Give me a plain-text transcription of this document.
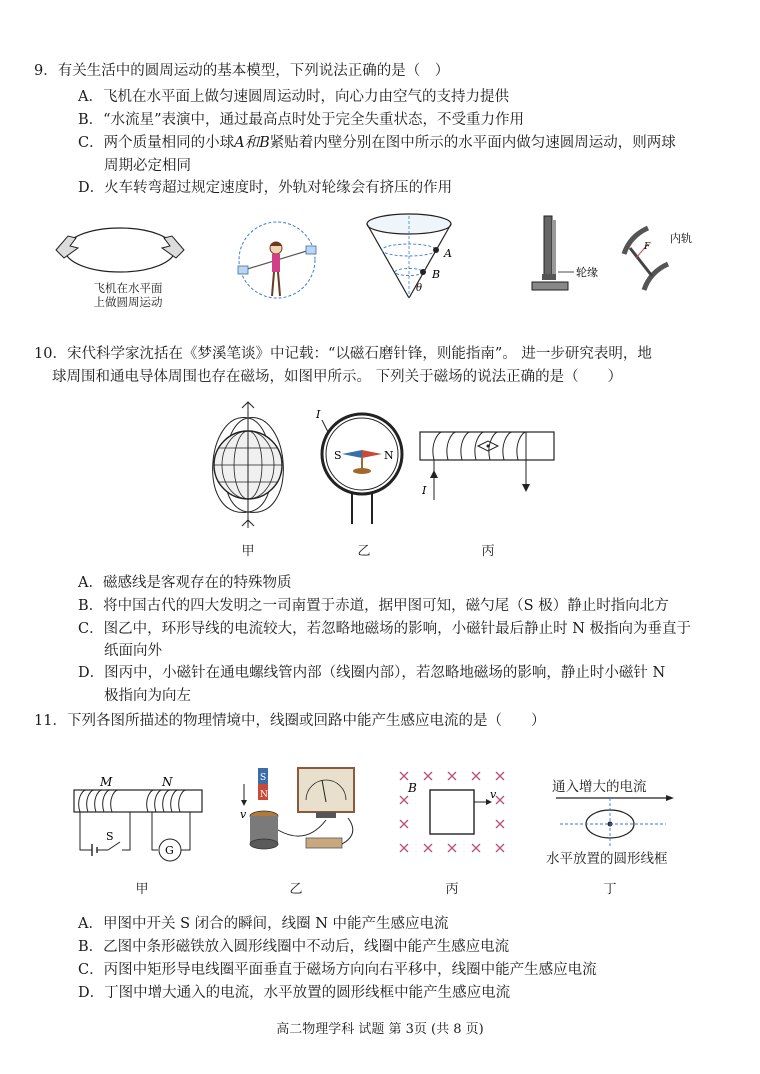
9．有关生活中的圆周运动的基本模型，下列说法正确的是（　）
A．飞机在水平面上做匀速圆周运动时，向心力由空气的支持力提供
B．“水流星”表演中，通过最高点时处于完全失重状态，不受重力作用
C．两个质量相同的小球A和B紧贴着内壁分别在图中所示的水平面内做匀速圆周运动，则两球
周期必定相同
D．火车转弯超过规定速度时，外轨对轮缘会有挤压的作用
飞机在水平面
上做圆周运动
A
B
θ
轮缘
F
内轨
10．宋代科学家沈括在《梦溪笔谈》中记载：“以磁石磨针锋，则能指南”。 进一步研究表明，地
球周围和通电导体周围也存在磁场，如图甲所示。 下列关于磁场的说法正确的是（　　）
I
S	N
I
甲	乙	丙
A．磁感线是客观存在的特殊物质
B．将中国古代的四大发明之一司南置于赤道，据甲图可知，磁勺尾（S 极）静止时指向北方
C．图乙中，环形导线的电流较大，若忽略地磁场的影响，小磁针最后静止时 N 极指向为垂直于
纸面向外
D．图丙中，小磁针在通电螺线管内部（线圈内部），若忽略地磁场的影响，静止时小磁针 N
极指向为向左
11．下列各图所描述的物理情境中，线圈或回路中能产生感应电流的是（　　）
M	N
S
G
S
N
v
v
B	通入增大的电流
水平放置的圆形线框
甲	乙	丙	丁
A．甲图中开关 S 闭合的瞬间，线圈 N 中能产生感应电流
B．乙图中条形磁铁放入圆形线圈中不动后，线圈中能产生感应电流
C．丙图中矩形导电线圈平面垂直于磁场方向向右平移中，线圈中能产生感应电流
D．丁图中增大通入的电流，水平放置的圆形线框中能产生感应电流
高二物理学科 试题 第 3页 (共 8 页)
